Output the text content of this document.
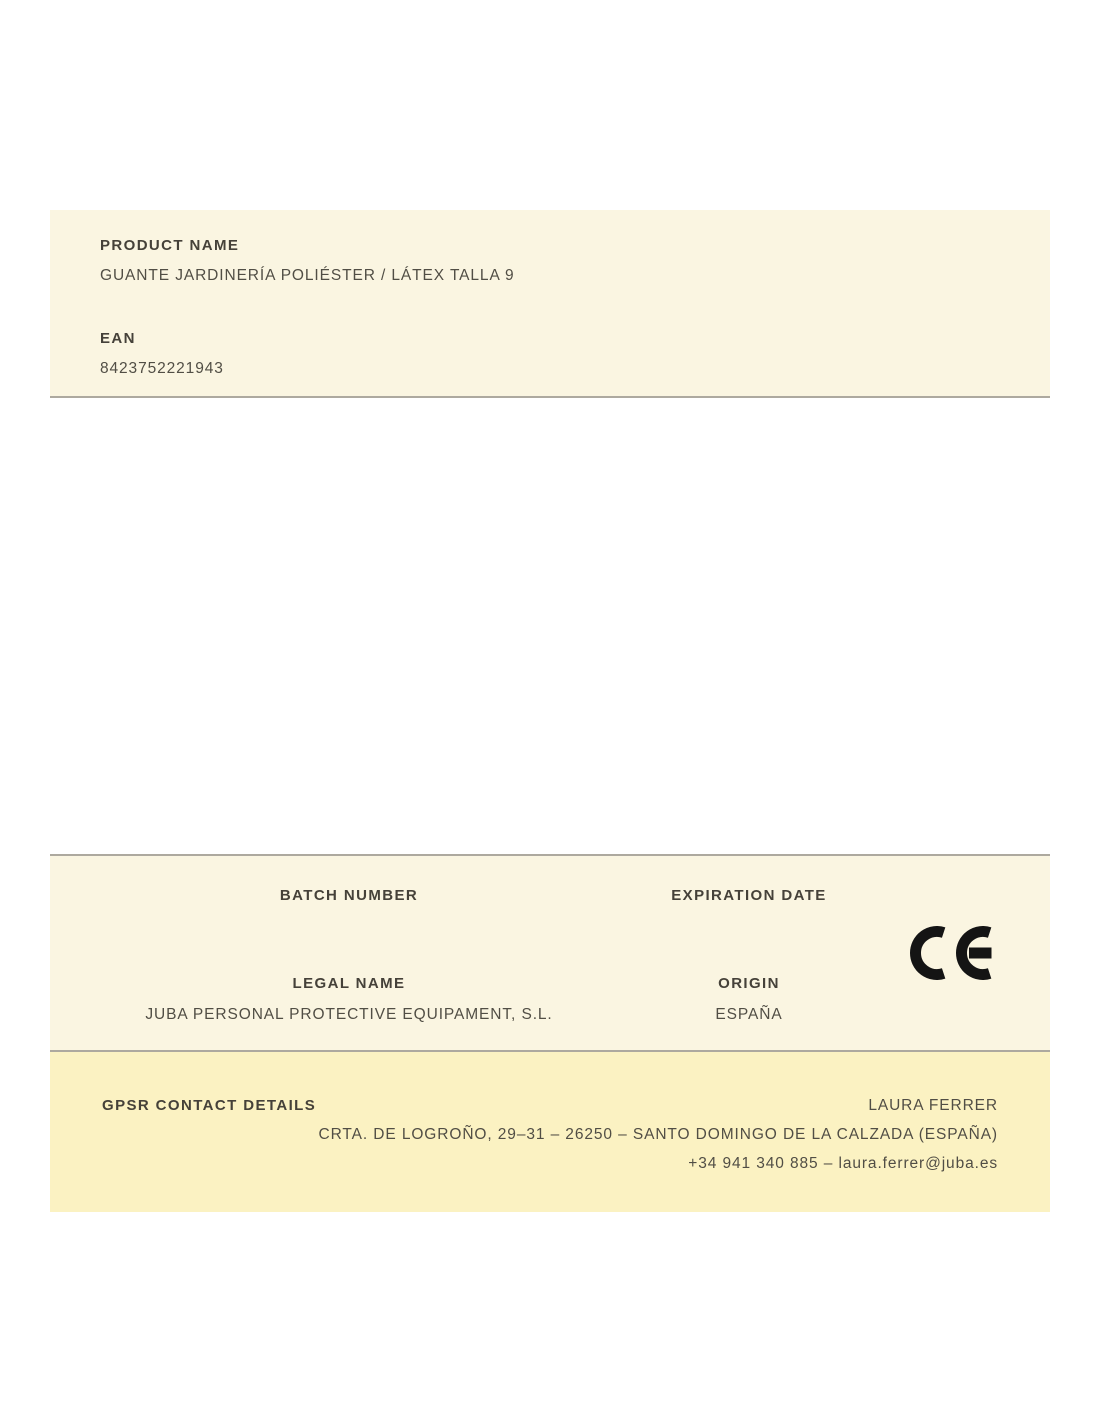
PRODUCT NAME
GUANTE JARDINERÍA POLIÉSTER / LÁTEX TALLA 9
EAN
8423752221943
BATCH NUMBER	EXPIRATION DATE
LEGAL NAME
JUBA PERSONAL PROTECTIVE EQUIPAMENT, S.L.
ORIGIN
ESPAÑA
GPSR CONTACT DETAILS	LAURA FERRER
CRTA. DE LOGROÑO, 29–31 – 26250 – SANTO DOMINGO DE LA CALZADA (ESPAÑA)
+34 941 340 885 – laura.ferrer@juba.es
